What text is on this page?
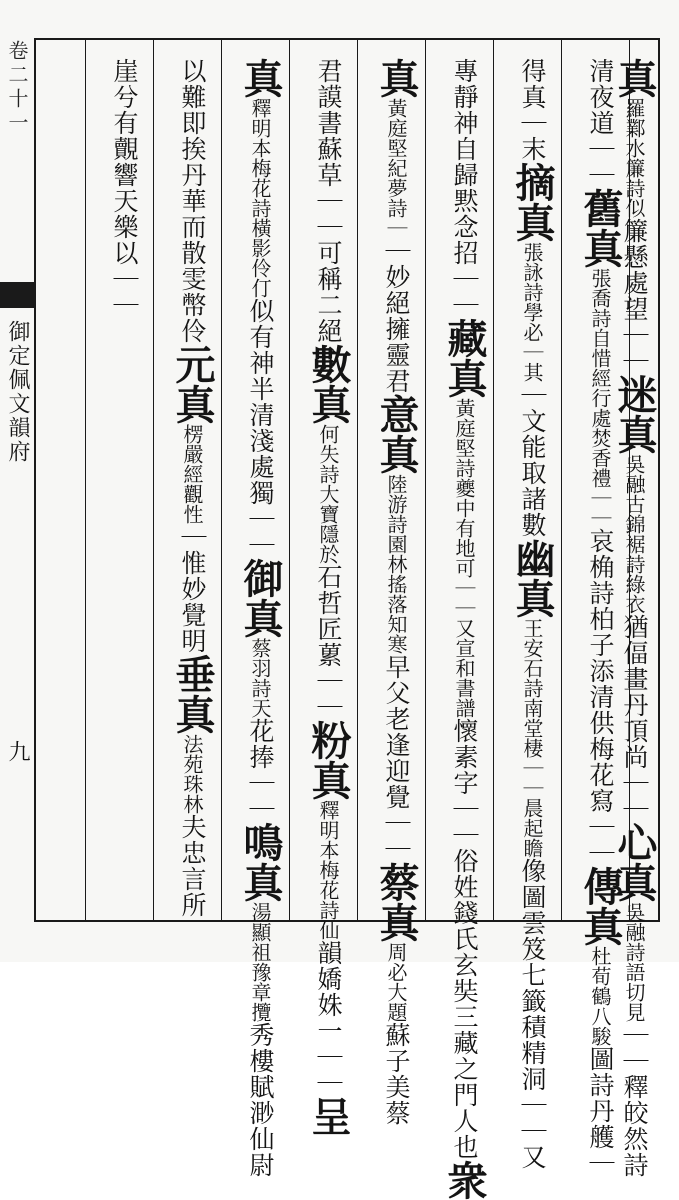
卷二十一
御定佩文韻府
九
真羅鄴水簾詩似簾懸處望｜｜迷真吳融古錦裾詩綠衣猶偪畫丹頂尚｜｜心真吳融詩語切見｜｜釋皎然詩
清夜道｜｜舊真張喬詩自惜經行處焚香禮｜｜哀桷詩柏子添清供梅花寫｜｜傳真杜荀鶴八駿圖詩丹艧｜
得真｜末摘真張詠詩學必｜其｜文能取諸數幽真王安石詩南堂棲｜｜晨起瞻像圖雲笈七籤積精洞｜｜又
專靜神自歸黙念招｜｜藏真黃庭堅詩夔中有地可｜｜又宣和書譜懷素字｜｜俗姓錢氏玄奘三藏之門人也衆
真黃庭堅紀夢詩｜｜妙絕擁靈君意真陸游詩園林搖落知寒早父老逢迎覺｜｜蔡真周必大題蘇子美蔡
君謨書蘇草｜｜可稱二絕數真何失詩大寶隱於石哲匠蔂｜｜粉真釋明本梅花詩仙韻嬌姝一｜｜呈
真釋明本梅花詩橫影伶仃似有神半清淺處獨｜｜御真蔡羽詩天花捧｜｜鳴真湯顯祖豫章攬秀樓賦渺仙尉
以難即挨丹華而散雯幣伶元真楞嚴經觀性｜惟妙覺明垂真法苑珠林夫忠言所
崖兮有覿響天樂以｜｜
